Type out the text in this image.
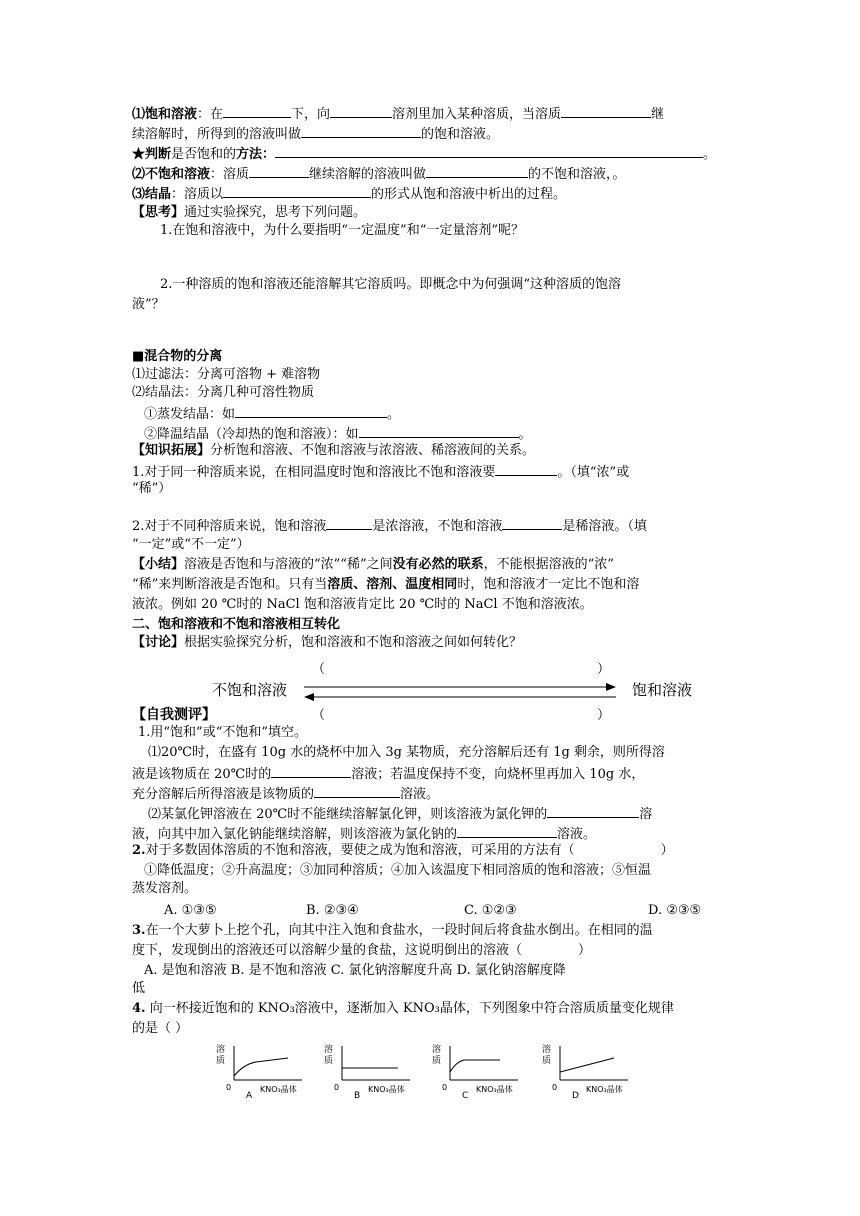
⑴饱和溶液：在	下，向	溶剂里加入某种溶质，当溶质	继
续溶解时，所得到的溶液叫做	的饱和溶液。
★判断是否饱和的方法：	。
⑵不饱和溶液：溶质	继续溶解的溶液叫做	的不饱和溶液，。
⑶结晶：溶质以	的形式从饱和溶液中析出的过程。
【思考】通过实验探究，思考下列问题。
1.在饱和溶液中，为什么要指明“一定温度”和“一定量溶剂”呢？
2.一种溶质的饱和溶液还能溶解其它溶质吗。即概念中为何强调“这种溶质的饱溶
液”？
■混合物的分离
⑴过滤法：分离可溶物 + 难溶物
⑵结晶法：分离几种可溶性物质
①蒸发结晶：如	。
②降温结晶（冷却热的饱和溶液）：如	。
【知识拓展】分析饱和溶液、不饱和溶液与浓溶液、稀溶液间的关系。
1.对于同一种溶质来说，在相同温度时饱和溶液比不饱和溶液要	。（填“浓”或
“稀”）
2.对于不同种溶质来说，饱和溶液	是浓溶液，不饱和溶液	是稀溶液。（填
“一定”或“不一定”）
【小结】溶液是否饱和与溶液的“浓”“稀”之间没有必然的联系，不能根据溶液的“浓”
“稀”来判断溶液是否饱和。只有当溶质、溶剂、温度相同时，饱和溶液才一定比不饱和溶
液浓。例如 20 ℃时的 NaCl 饱和溶液肯定比 20 ℃时的 NaCl 不饱和溶液浓。
二、饱和溶液和不饱和溶液相互转化
【讨论】根据实验探究分析，饱和溶液和不饱和溶液之间如何转化？
（	）
不饱和溶液	饱和溶液
（	）
【自我测评】
1.用“饱和”或“不饱和”填空。
⑴20℃时，在盛有 10g 水的烧杯中加入 3g 某物质，充分溶解后还有 1g 剩余，则所得溶
液是该物质在 20℃时的	溶液；若温度保持不变，向烧杯里再加入 10g 水，
充分溶解后所得溶液是该物质的	溶液。
⑵某氯化钾溶液在 20℃时不能继续溶解氯化钾，则该溶液为氯化钾的	溶
液，向其中加入氯化钠能继续溶解，则该溶液为氯化钠的	溶液。
2.对于多数固体溶质的不饱和溶液，要使之成为饱和溶液，可采用的方法有（	）
①降低温度；②升高温度；③加同种溶质；④加入该温度下相同溶质的饱和溶液；⑤恒温
蒸发溶剂。
A. ①③⑤	B. ②③④	C. ①②③	D. ②③⑤
3.在一个大萝卜上挖个孔，向其中注入饱和食盐水，一段时间后将食盐水倒出。在相同的温
度下，发现倒出的溶液还可以溶解少量的食盐，这说明倒出的溶液（	）
A. 是饱和溶液 B. 是不饱和溶液 C. 氯化钠溶解度升高 D. 氯化钠溶解度降
低
4. 向一杯接近饱和的 KNO₃溶液中，逐渐加入 KNO₃晶体，下列图象中符合溶质质量变化规律
的是（ ）
溶
质
0
A
KNO₃晶体
溶
质
0
B
KNO₃晶体
溶
质
0
C
KNO₃晶体
溶
质
0
D
KNO₃晶体
